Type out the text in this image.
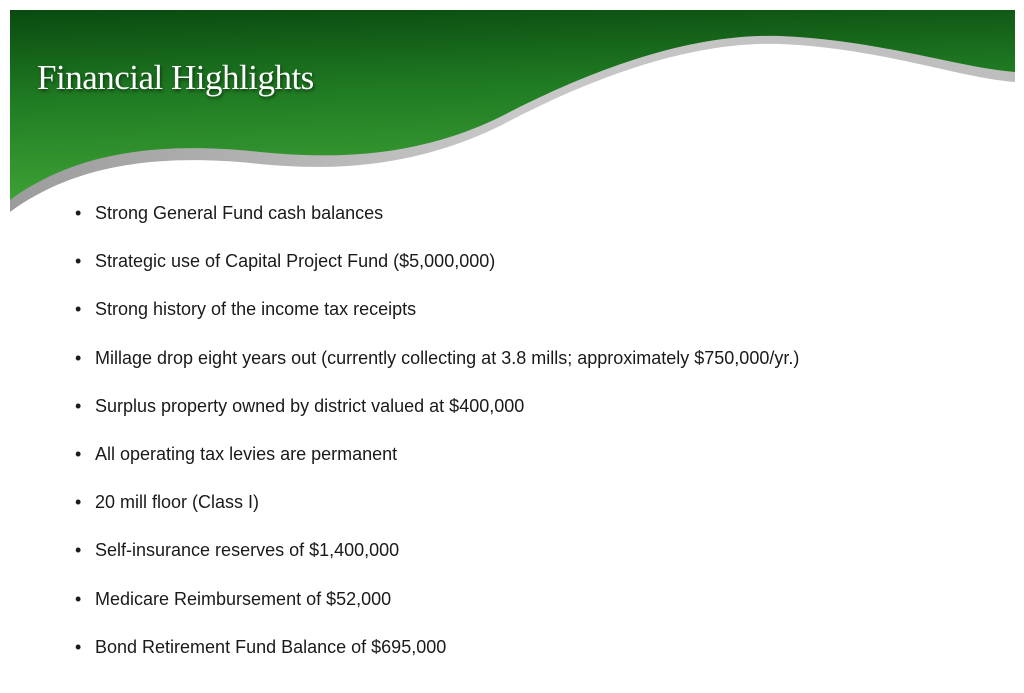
Financial Highlights
• Strong General Fund cash balances
• Strategic use of Capital Project Fund ($5,000,000)
• Strong history of the income tax receipts
• Millage drop eight years out (currently collecting at 3.8 mills; approximately $750,000/yr.)
• Surplus property owned by district valued at $400,000
• All operating tax levies are permanent
• 20 mill floor (Class I)
• Self-insurance reserves of $1,400,000
• Medicare Reimbursement of $52,000
• Bond Retirement Fund Balance of $695,000
